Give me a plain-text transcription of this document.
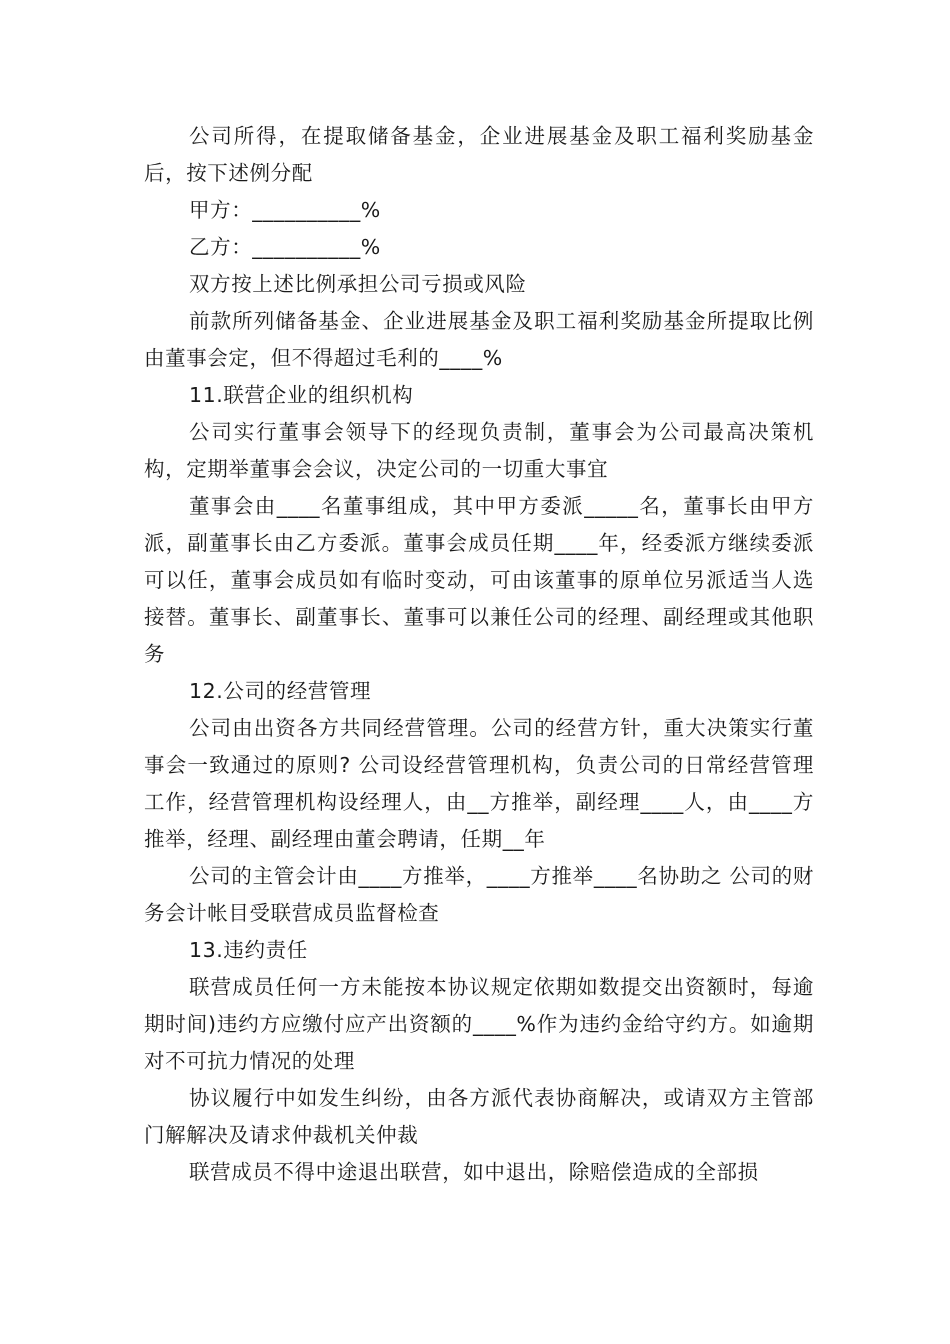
公司所得，在提取储备基金，企业进展基金及职工福利奖励基金后，按下述例分配

甲方：__________%

乙方：__________%

双方按上述比例承担公司亏损或风险

前款所列储备基金、企业进展基金及职工福利奖励基金所提取比例由董事会定，但不得超过毛利的____%

11.联营企业的组织机构

公司实行董事会领导下的经现负责制，董事会为公司最高决策机构，定期举董事会会议，决定公司的一切重大事宜

董事会由____名董事组成，其中甲方委派_____名，董事长由甲方派，副董事长由乙方委派。董事会成员任期____年，经委派方继续委派可以任，董事会成员如有临时变动，可由该董事的原单位另派适当人选接替。董事长、副董事长、董事可以兼任公司的经理、副经理或其他职务

12.公司的经营管理

公司由出资各方共同经营管理。公司的经营方针，重大决策实行董事会一致通过的原则? 公司设经营管理机构，负责公司的日常经营管理工作，经营管理机构设经理人，由__方推举，副经理____人，由____方推举，经理、副经理由董会聘请，任期__年

公司的主管会计由____方推举，____方推举____名协助之 公司的财务会计帐目受联营成员监督检查

13.违约责任

联营成员任何一方未能按本协议规定依期如数提交出资额时，每逾期时间)违约方应缴付应产出资额的____%作为违约金给守约方。如逾期对不可抗力情况的处理

协议履行中如发生纠纷，由各方派代表协商解决，或请双方主管部门解解决及请求仲裁机关仲裁

联营成员不得中途退出联营，如中退出，除赔偿造成的全部损
